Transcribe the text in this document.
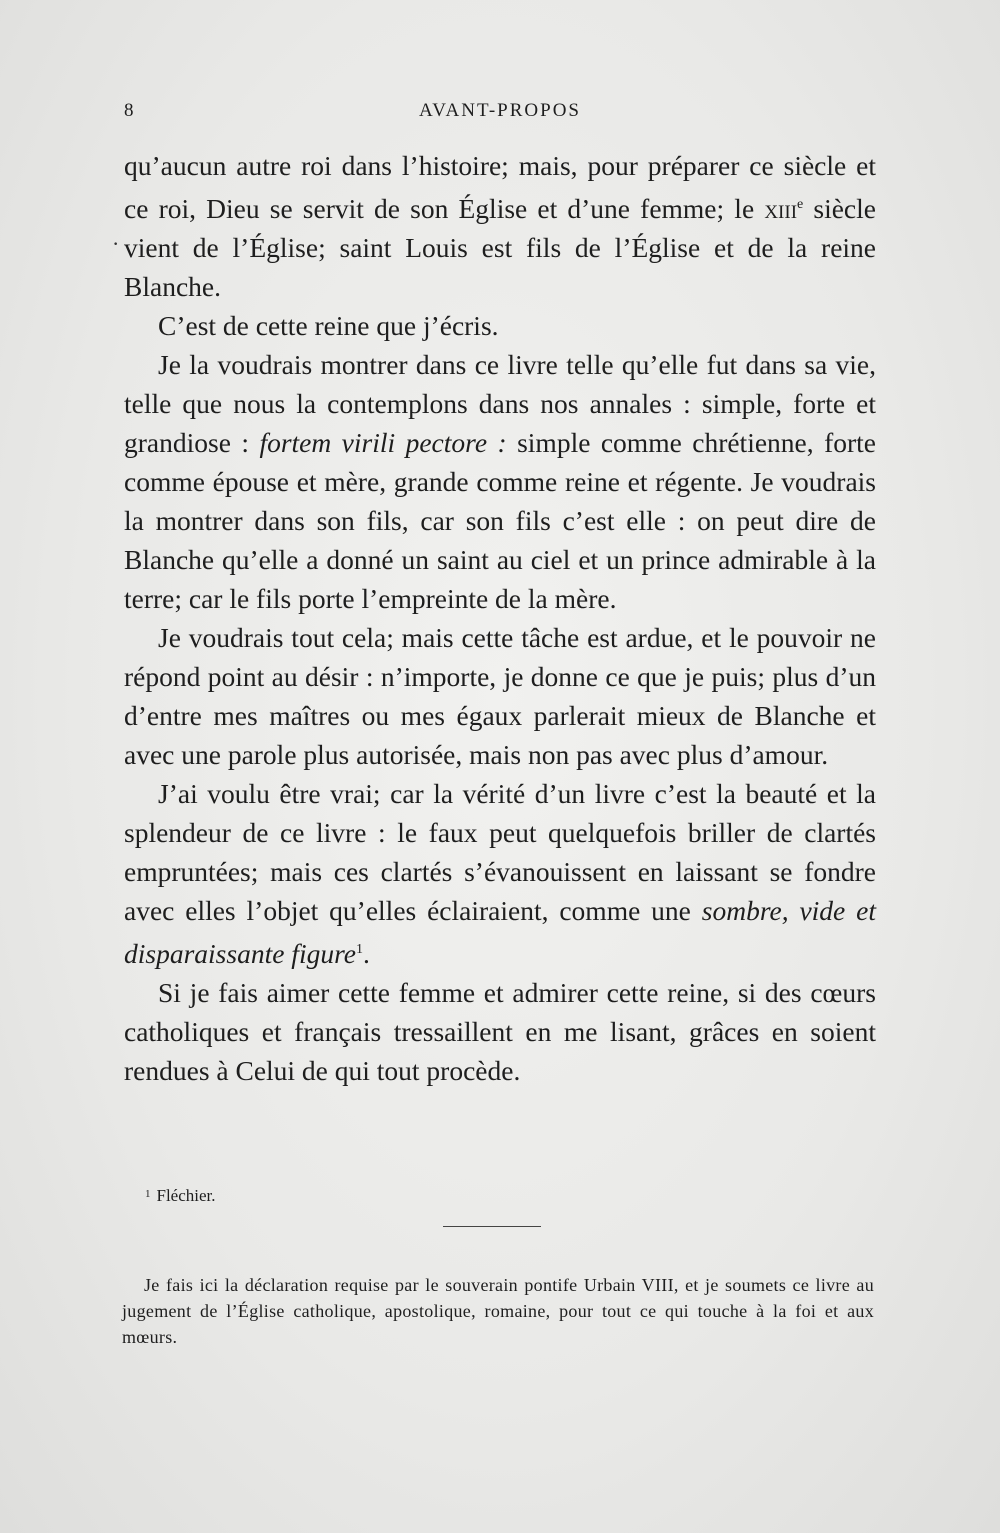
8	AVANT-PROPOS
·

qu’aucun autre roi dans l’histoire; mais, pour préparer ce siècle et ce roi, Dieu se servit de son Église et d’une femme; le xiii$^e$ siècle vient de l’Église; saint Louis est fils de l’Église et de la reine Blanche.

C’est de cette reine que j’écris.

Je la voudrais montrer dans ce livre telle qu’elle fut dans sa vie, telle que nous la contemplons dans nos annales : simple, forte et grandiose : fortem virili pectore : simple comme chrétienne, forte comme épouse et mère, grande comme reine et régente. Je voudrais la montrer dans son fils, car son fils c’est elle : on peut dire de Blanche qu’elle a donné un saint au ciel et un prince admirable à la terre; car le fils porte l’empreinte de la mère.

Je voudrais tout cela; mais cette tâche est ardue, et le pouvoir ne répond point au désir : n’importe, je donne ce que je puis; plus d’un d’entre mes maîtres ou mes égaux parlerait mieux de Blanche et avec une parole plus autorisée, mais non pas avec plus d’amour.

J’ai voulu être vrai; car la vérité d’un livre c’est la beauté et la splendeur de ce livre : le faux peut quelquefois briller de clartés empruntées; mais ces clartés s’évanouissent en laissant se fondre avec elles l’objet qu’elles éclairaient, comme une sombre, vide et disparaissante figure$^1$.

Si je fais aimer cette femme et admirer cette reine, si des cœurs catholiques et français tressaillent en me lisant, grâces en soient rendues à Celui de qui tout procède.

$^1$ Fléchier.

Je fais ici la déclaration requise par le souverain pontife Urbain VIII, et je soumets ce livre au jugement de l’Église catholique, apostolique, romaine, pour tout ce qui touche à la foi et aux mœurs.
